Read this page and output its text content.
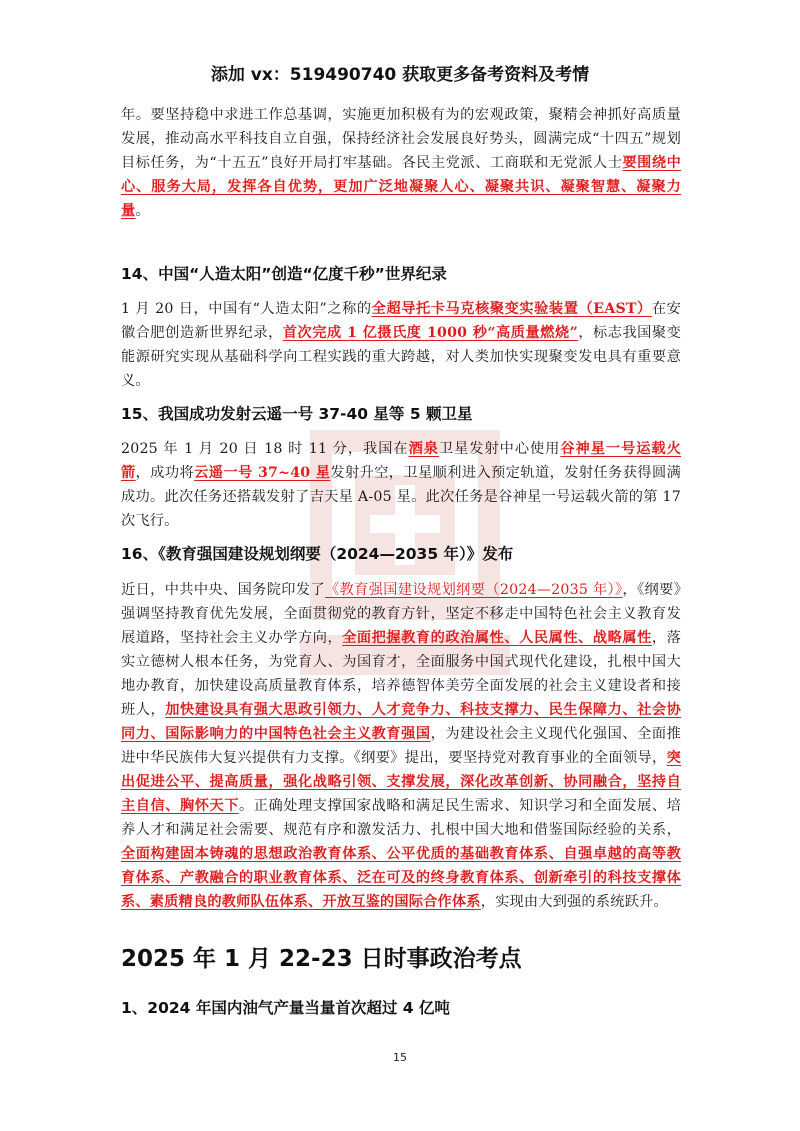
添加 vx：519490740 获取更多备考资料及考情

年。要坚持稳中求进工作总基调，实施更加积极有为的宏观政策，聚精会神抓好高质量发展，推动高水平科技自立自强，保持经济社会发展良好势头，圆满完成“十四五”规划目标任务，为“十五五”良好开局打牢基础。各民主党派、工商联和无党派人士要围绕中心、服务大局，发挥各自优势，更加广泛地凝聚人心、凝聚共识、凝聚智慧、凝聚力量。

14、中国“人造太阳”创造“亿度千秒”世界纪录

1 月 20 日，中国有“人造太阳”之称的全超导托卡马克核聚变实验装置（EAST）在安徽合肥创造新世界纪录，首次完成 1 亿摄氏度 1000 秒“高质量燃烧”，标志我国聚变能源研究实现从基础科学向工程实践的重大跨越，对人类加快实现聚变发电具有重要意义。

15、我国成功发射云遥一号 37-40 星等 5 颗卫星

2025 年 1 月 20 日 18 时 11 分，我国在酒泉卫星发射中心使用谷神星一号运载火箭，成功将云遥一号 37~40 星发射升空，卫星顺利进入预定轨道，发射任务获得圆满成功。此次任务还搭载发射了吉天星 A-05 星。此次任务是谷神星一号运载火箭的第 17 次飞行。

16、《教育强国建设规划纲要（2024—2035 年）》发布

近日，中共中央、国务院印发了《教育强国建设规划纲要（2024—2035 年）》，《纲要》强调坚持教育优先发展，全面贯彻党的教育方针，坚定不移走中国特色社会主义教育发展道路，坚持社会主义办学方向，全面把握教育的政治属性、人民属性、战略属性，落实立德树人根本任务，为党育人、为国育才，全面服务中国式现代化建设，扎根中国大地办教育，加快建设高质量教育体系，培养德智体美劳全面发展的社会主义建设者和接班人，加快建设具有强大思政引领力、人才竞争力、科技支撑力、民生保障力、社会协同力、国际影响力的中国特色社会主义教育强国，为建设社会主义现代化强国、全面推进中华民族伟大复兴提供有力支撑。《纲要》提出，要坚持党对教育事业的全面领导，突出促进公平、提高质量，强化战略引领、支撑发展，深化改革创新、协同融合，坚持自主自信、胸怀天下。正确处理支撑国家战略和满足民生需求、知识学习和全面发展、培养人才和满足社会需要、规范有序和激发活力、扎根中国大地和借鉴国际经验的关系，全面构建固本铸魂的思想政治教育体系、公平优质的基础教育体系、自强卓越的高等教育体系、产教融合的职业教育体系、泛在可及的终身教育体系、创新牵引的科技支撑体系、素质精良的教师队伍体系、开放互鉴的国际合作体系，实现由大到强的系统跃升。

2025 年 1 月 22-23 日时事政治考点
1、2024 年国内油气产量当量首次超过 4 亿吨
15
